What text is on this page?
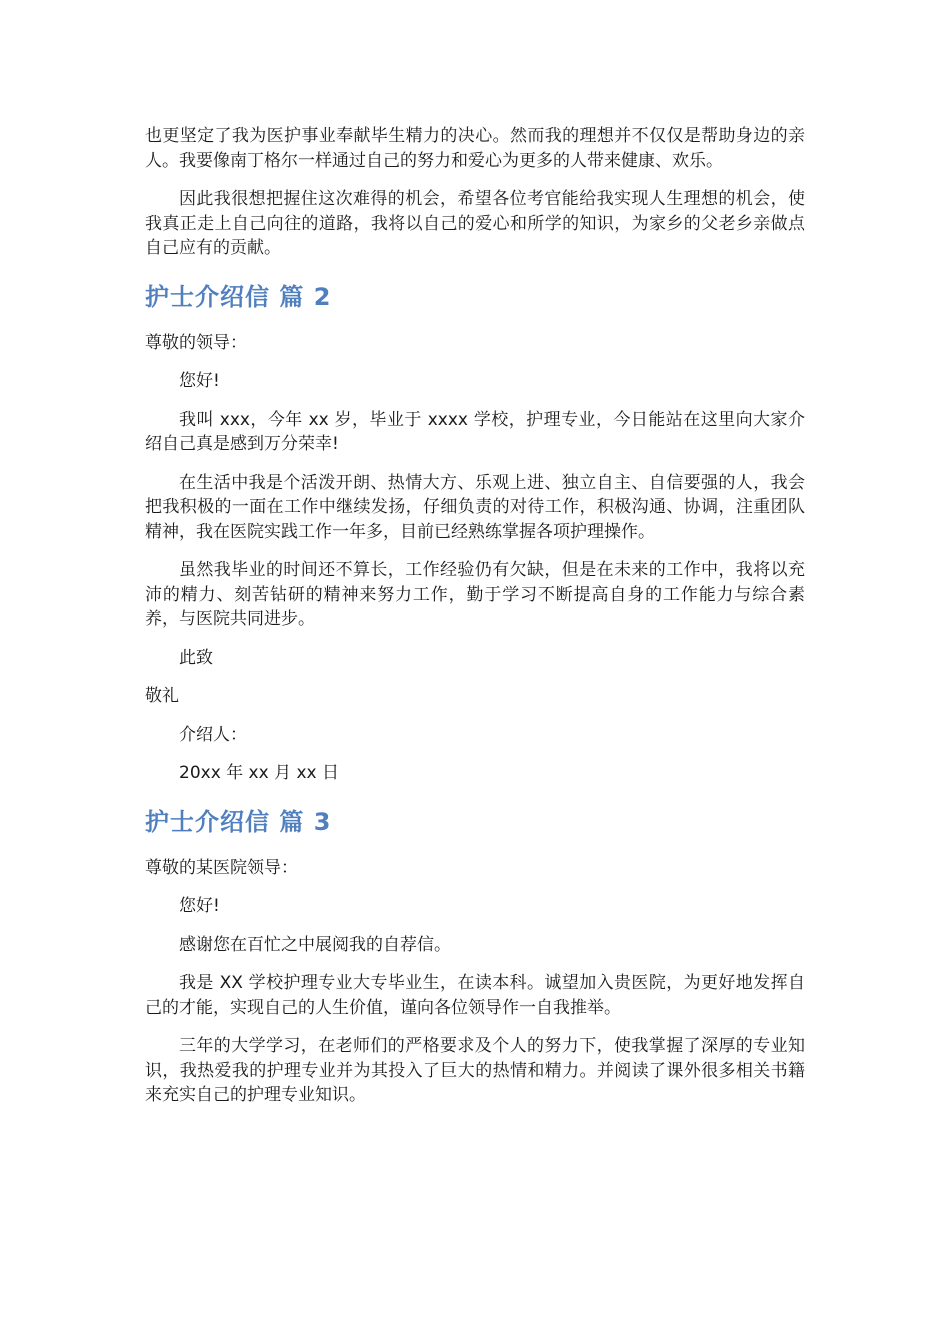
也更坚定了我为医护事业奉献毕生精力的决心。然而我的理想并不仅仅是帮助身边的亲人。我要像南丁格尔一样通过自己的努力和爱心为更多的人带来健康、欢乐。

因此我很想把握住这次难得的机会，希望各位考官能给我实现人生理想的机会，使我真正走上自己向往的道路，我将以自己的爱心和所学的知识，为家乡的父老乡亲做点自己应有的贡献。

护士介绍信 篇 2

尊敬的领导：

您好!

我叫 xxx，今年 xx 岁，毕业于 xxxx 学校，护理专业，今日能站在这里向大家介绍自己真是感到万分荣幸!

在生活中我是个活泼开朗、热情大方、乐观上进、独立自主、自信要强的人，我会把我积极的一面在工作中继续发扬，仔细负责的对待工作，积极沟通、协调，注重团队精神，我在医院实践工作一年多，目前已经熟练掌握各项护理操作。

虽然我毕业的时间还不算长，工作经验仍有欠缺，但是在未来的工作中，我将以充沛的精力、刻苦钻研的精神来努力工作，勤于学习不断提高自身的工作能力与综合素养，与医院共同进步。

此致

敬礼

介绍人：

20xx 年 xx 月 xx 日

护士介绍信 篇 3

尊敬的某医院领导：

您好!

感谢您在百忙之中展阅我的自荐信。

我是 XX 学校护理专业大专毕业生，在读本科。诚望加入贵医院，为更好地发挥自己的才能，实现自己的人生价值，谨向各位领导作一自我推举。

三年的大学学习，在老师们的严格要求及个人的努力下，使我掌握了深厚的专业知识，我热爱我的护理专业并为其投入了巨大的热情和精力。并阅读了课外很多相关书籍来充实自己的护理专业知识。
